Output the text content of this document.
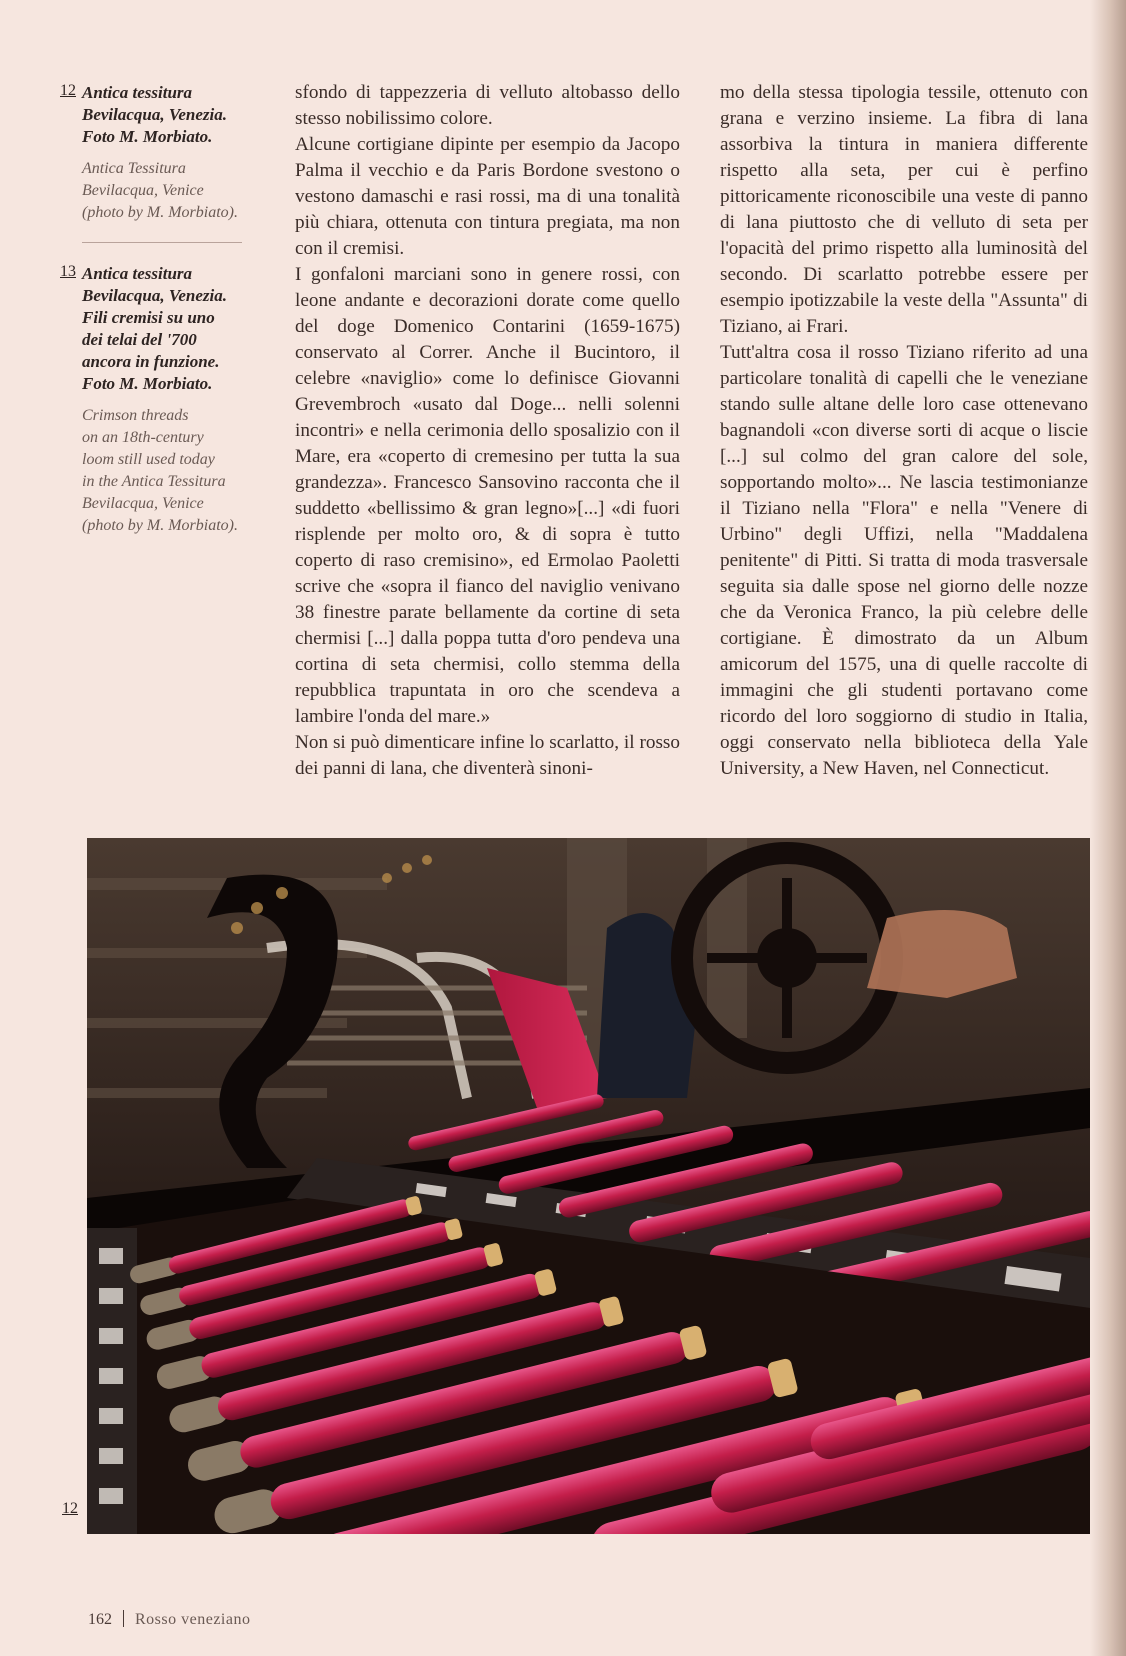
12 Antica tessitura
Bevilacqua, Venezia.
Foto M. Morbiato.
Antica Tessitura
Bevilacqua, Venice
(photo by M. Morbiato).
13 Antica tessitura
Bevilacqua, Venezia.
Fili cremisi su uno
dei telai del '700
ancora in funzione.
Foto M. Morbiato.
Crimson threads
on an 18th-century
loom still used today
in the Antica Tessitura
Bevilacqua, Venice
(photo by M. Morbiato).

sfondo di tappezzeria di velluto altobasso dello stesso nobilissimo colore.

Alcune cortigiane dipinte per esempio da Jacopo Palma il vecchio e da Paris Bordone svestono o vestono damaschi e rasi rossi, ma di una tonalità più chiara, ottenuta con tintura pregiata, ma non con il cremisi.

I gonfaloni marciani sono in genere rossi, con leone andante e decorazioni dorate come quello del doge Domenico Contarini (1659-1675) conservato al Correr. Anche il Bucintoro, il celebre «naviglio» come lo definisce Giovanni Grevembroch «usato dal Doge... nelli solenni incontri» e nella cerimonia dello sposalizio con il Mare, era «coperto di cremesino per tutta la sua grandezza». Francesco Sansovino racconta che il suddetto «bellissimo & gran legno»[...] «di fuori risplende per molto oro, & di sopra è tutto coperto di raso cremisino», ed Ermolao Paoletti scrive che «sopra il fianco del naviglio venivano 38 finestre parate bellamente da cortine di seta chermisi [...] dalla poppa tutta d'oro pendeva una cortina di seta chermisi, collo stemma della repubblica trapuntata in oro che scendeva a lambire l'onda del mare.»

Non si può dimenticare infine lo scarlatto, il rosso dei panni di lana, che diventerà sinoni-

mo della stessa tipologia tessile, ottenuto con grana e verzino insieme. La fibra di lana assorbiva la tintura in maniera differente rispetto alla seta, per cui è perfino pittoricamente riconoscibile una veste di panno di lana piuttosto che di velluto di seta per l'opacità del primo rispetto alla luminosità del secondo. Di scarlatto potrebbe essere per esempio ipotizzabile la veste della "Assunta" di Tiziano, ai Frari.

Tutt'altra cosa il rosso Tiziano riferito ad una particolare tonalità di capelli che le veneziane stando sulle altane delle loro case ottenevano bagnandoli «con diverse sorti di acque o liscie [...] sul colmo del gran calore del sole, sopportando molto»... Ne lascia testimonianze il Tiziano nella "Flora" e nella "Venere di Urbino" degli Uffizi, nella "Maddalena penitente" di Pitti. Si tratta di moda trasversale seguita sia dalle spose nel giorno delle nozze che da Veronica Franco, la più celebre delle cortigiane. È dimostrato da un Album amicorum del 1575, una di quelle raccolte di immagini che gli studenti portavano come ricordo del loro soggiorno di studio in Italia, oggi conservato nella biblioteca della Yale University, a New Haven, nel Connecticut.

12
162 Rosso veneziano
